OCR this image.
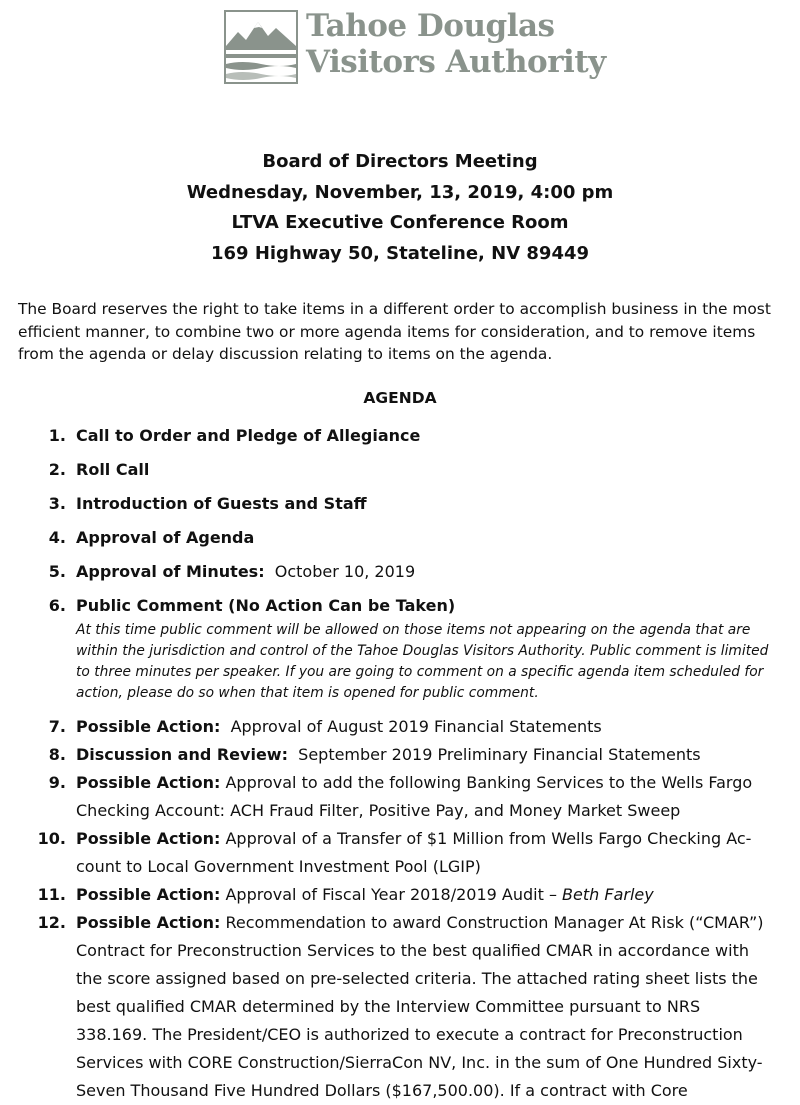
Tahoe Douglas
Visitors Authority
Board of Directors Meeting
Wednesday, November, 13, 2019, 4:00 pm
LTVA Executive Conference Room
169 Highway 50, Stateline, NV 89449

The Board reserves the right to take items in a different order to accomplish business in the most efficient manner, to combine two or more agenda items for consideration, and to remove items from the agenda or delay discussion relating to items on the agenda.

AGENDA
1. Call to Order and Pledge of Allegiance
2. Roll Call
3. Introduction of Guests and Staff
4. Approval of Agenda
5. Approval of Minutes: October 10, 2019
6. Public Comment (No Action Can be Taken)
At this time public comment will be allowed on those items not appearing on the agenda that are within the jurisdiction and control of the Tahoe Douglas Visitors Authority. Public comment is limited to three minutes per speaker. If you are going to comment on a specific agenda item scheduled for action, please do so when that item is opened for public comment.
7. Possible Action: Approval of August 2019 Financial Statements
8. Discussion and Review: September 2019 Preliminary Financial Statements
9. Possible Action: Approval to add the following Banking Services to the Wells Fargo Checking Account: ACH Fraud Filter, Positive Pay, and Money Market Sweep
10. Possible Action: Approval of a Transfer of $1 Million from Wells Fargo Checking Ac-count to Local Government Investment Pool (LGIP)
11. Possible Action: Approval of Fiscal Year 2018/2019 Audit – Beth Farley
12. Possible Action: Recommendation to award Construction Manager At Risk (“CMAR”) Contract for Preconstruction Services to the best qualified CMAR in accordance with the score assigned based on pre-selected criteria. The attached rating sheet lists the best qualified CMAR determined by the Interview Committee pursuant to NRS 338.169. The President/CEO is authorized to execute a contract for Preconstruction Services with CORE Construction/SierraCon NV, Inc. in the sum of One Hundred Sixty-Seven Thousand Five Hundred Dollars ($167,500.00). If a contract with Core
